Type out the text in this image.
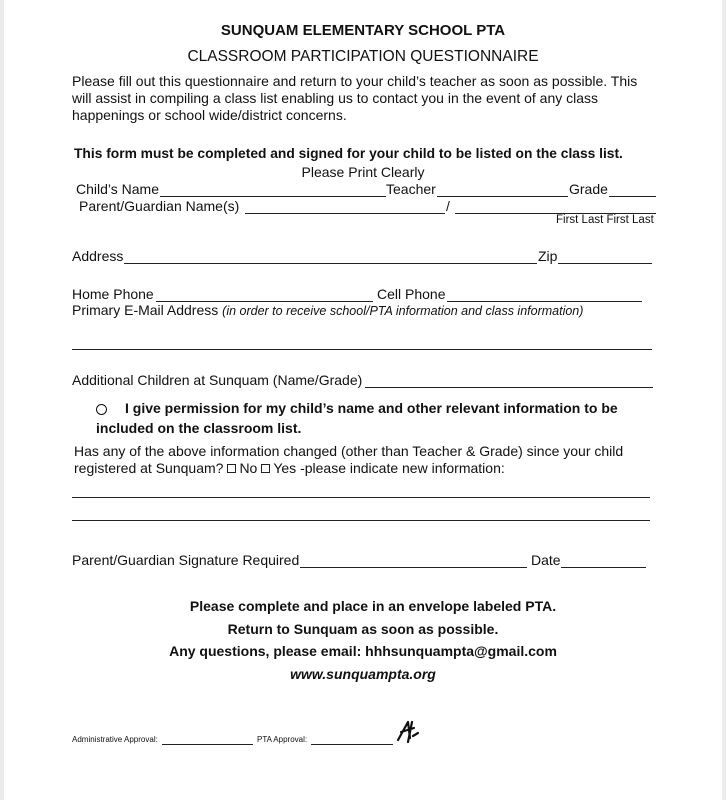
SUNQUAM ELEMENTARY SCHOOL PTA
CLASSROOM PARTICIPATION QUESTIONNAIRE
Please fill out this questionnaire and return to your child’s teacher as soon as possible. This
will assist in compiling a class list enabling us to contact you in the event of any class
happenings or school wide/district concerns.
This form must be completed and signed for your child to be listed on the class list.
Please Print Clearly
Child’s Name	Teacher	Grade
Parent/Guardian Name(s)	/
First Last First Last
Address	Zip
Home Phone	Cell Phone
Primary E-Mail Address (in order to receive school/PTA information and class information)
Additional Children at Sunquam (Name/Grade)
I give permission for my child’s name and other relevant information to be
included on the classroom list.
Has any of the above information changed (other than Teacher & Grade) since your child
registered at Sunquam? No Yes -please indicate new information:
Parent/Guardian Signature Required	Date
Please complete and place in an envelope labeled PTA.
Return to Sunquam as soon as possible.
Any questions, please email: hhhsunquampta@gmail.com
www.sunquampta.org
Administrative Approval:	PTA Approval:
